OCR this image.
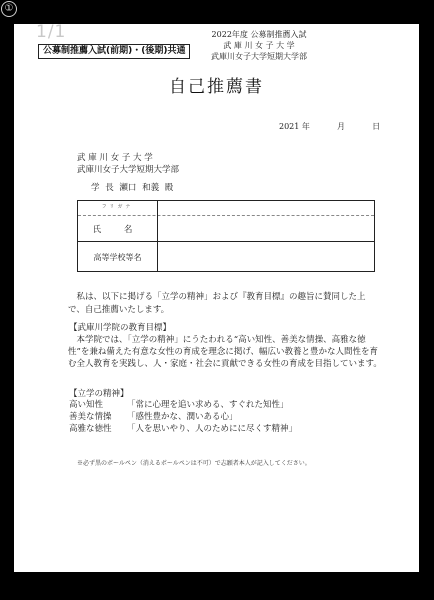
①
1/1
公募制推薦入試(前期)・(後期)共通
2022年度 公募制推薦入試
武 庫 川 女 子 大 学
武庫川女子大学短期大学部
自己推薦書
2021 年	月	日
武 庫 川 女 子 大 学
武庫川女子大学短期大学部
学 長 瀬口 和義 殿
フリガナ
氏 名
高等学校等名
私は、以下に掲げる「立学の精神」および『教育目標』の趣旨に賛同した上で、自己推薦いたします。
【武庫川学院の教育目標】
本学院では、「立学の精神」にうたわれる“高い知性、善美な情操、高雅な徳性”を兼ね備えた有意な女性の育成を理念に掲げ、幅広い教養と豊かな人間性を育む全人教育を実践し、人・家庭・社会に貢献できる女性の育成を目指しています。
【立学の精神】
高い知性	「常に心理を追い求める、すぐれた知性」
善美な情操 「感性豊かな、潤いある心」
高雅な徳性 「人を思いやり、人のためにに尽くす精神」
※必ず黒のボールペン（消えるボールペンは不可）で志願者本人が記入してください。
